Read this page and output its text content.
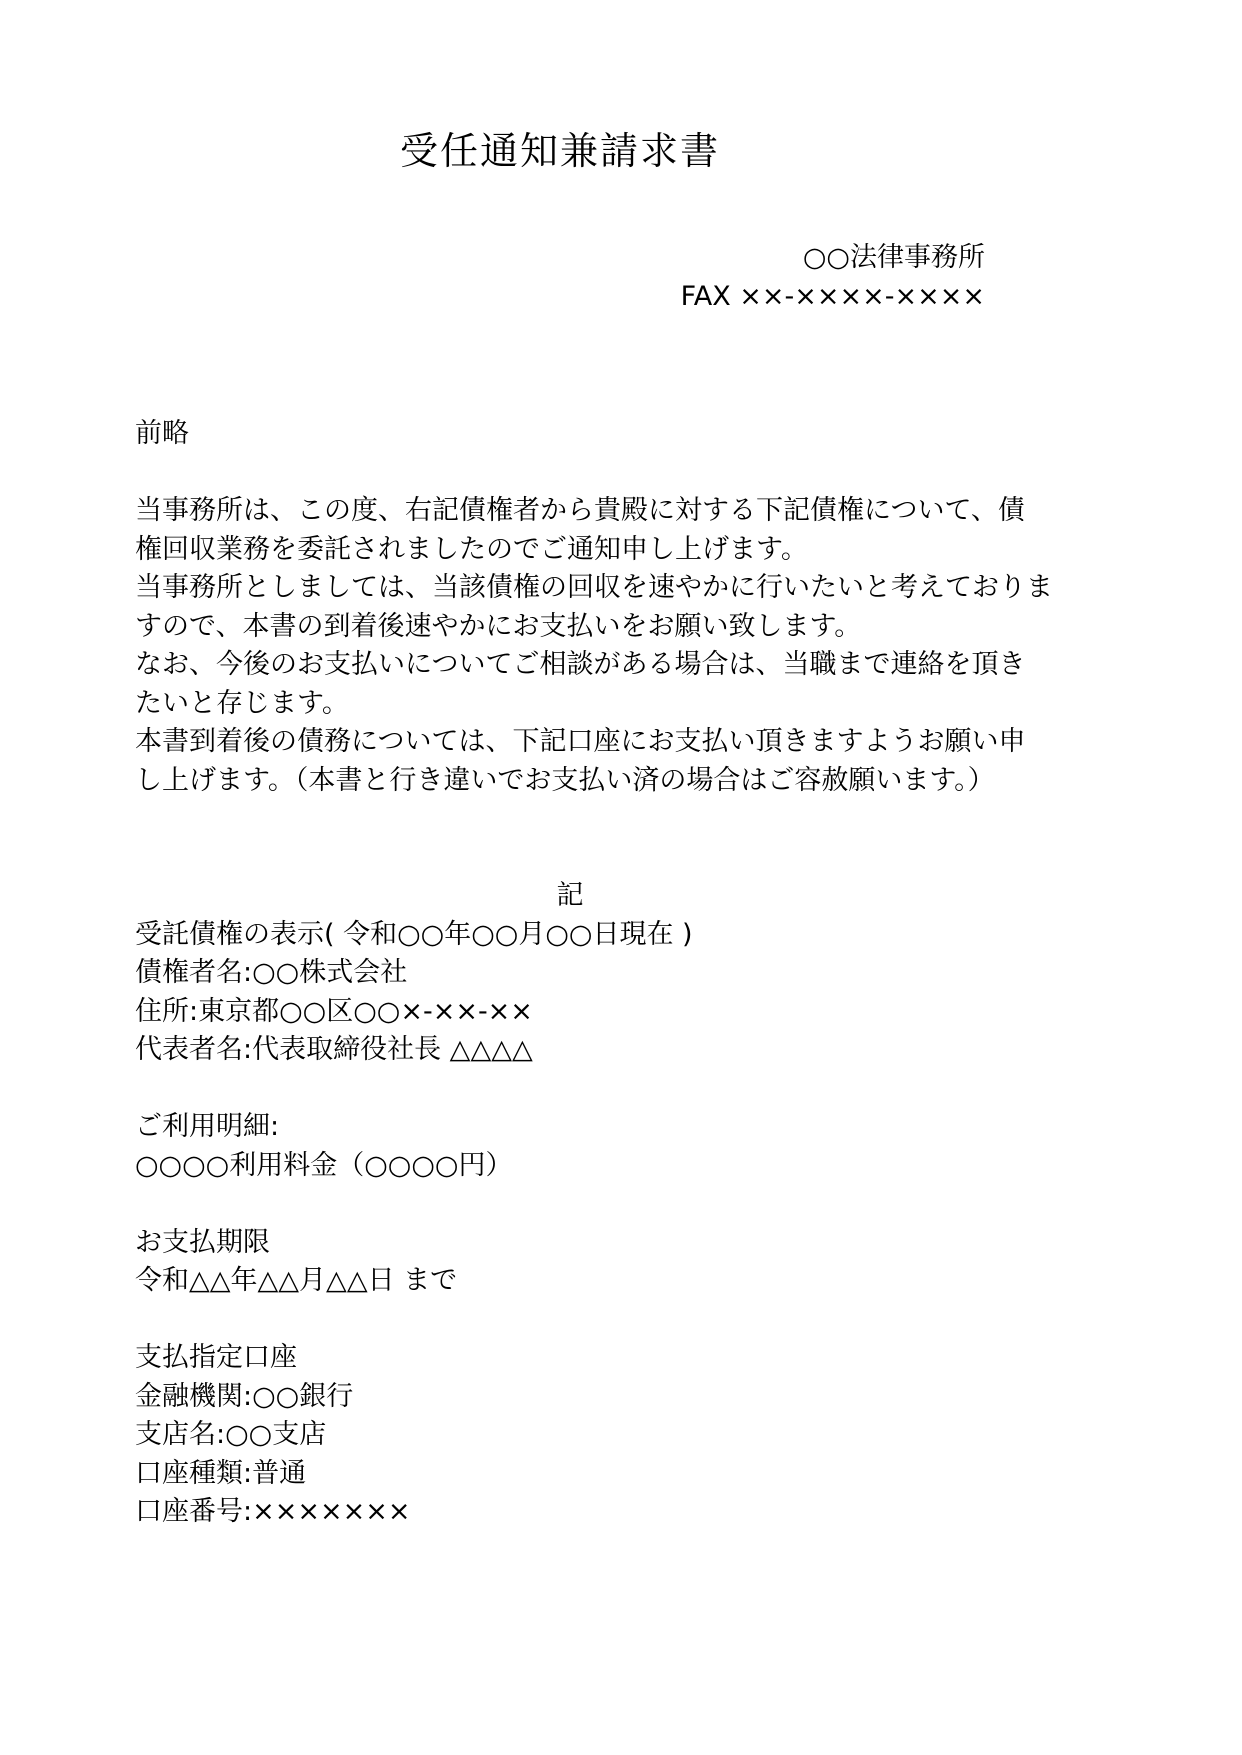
受任通知兼請求書
○○法律事務所
FAX ××-××××-××××
前略
当事務所は、この度、右記債権者から貴殿に対する下記債権について、債
権回収業務を委託されましたのでご通知申し上げます。
当事務所としましては、当該債権の回収を速やかに行いたいと考えておりま
すので、本書の到着後速やかにお支払いをお願い致します。
なお、今後のお支払いについてご相談がある場合は、当職まで連絡を頂き
たいと存じます。
本書到着後の債務については、下記口座にお支払い頂きますようお願い申
し上げます。（本書と行き違いでお支払い済の場合はご容赦願います。）
記
受託債権の表示( 令和○○年○○月○○日現在 )
債権者名:○○株式会社
住所:東京都○○区○○×-××-××
代表者名:代表取締役社長 △△△△
ご利用明細:
○○○○利用料金（○○○○円）
お支払期限
令和△△年△△月△△日 まで
支払指定口座
金融機関:○○銀行
支店名:○○支店
口座種類:普通
口座番号:×××××××
